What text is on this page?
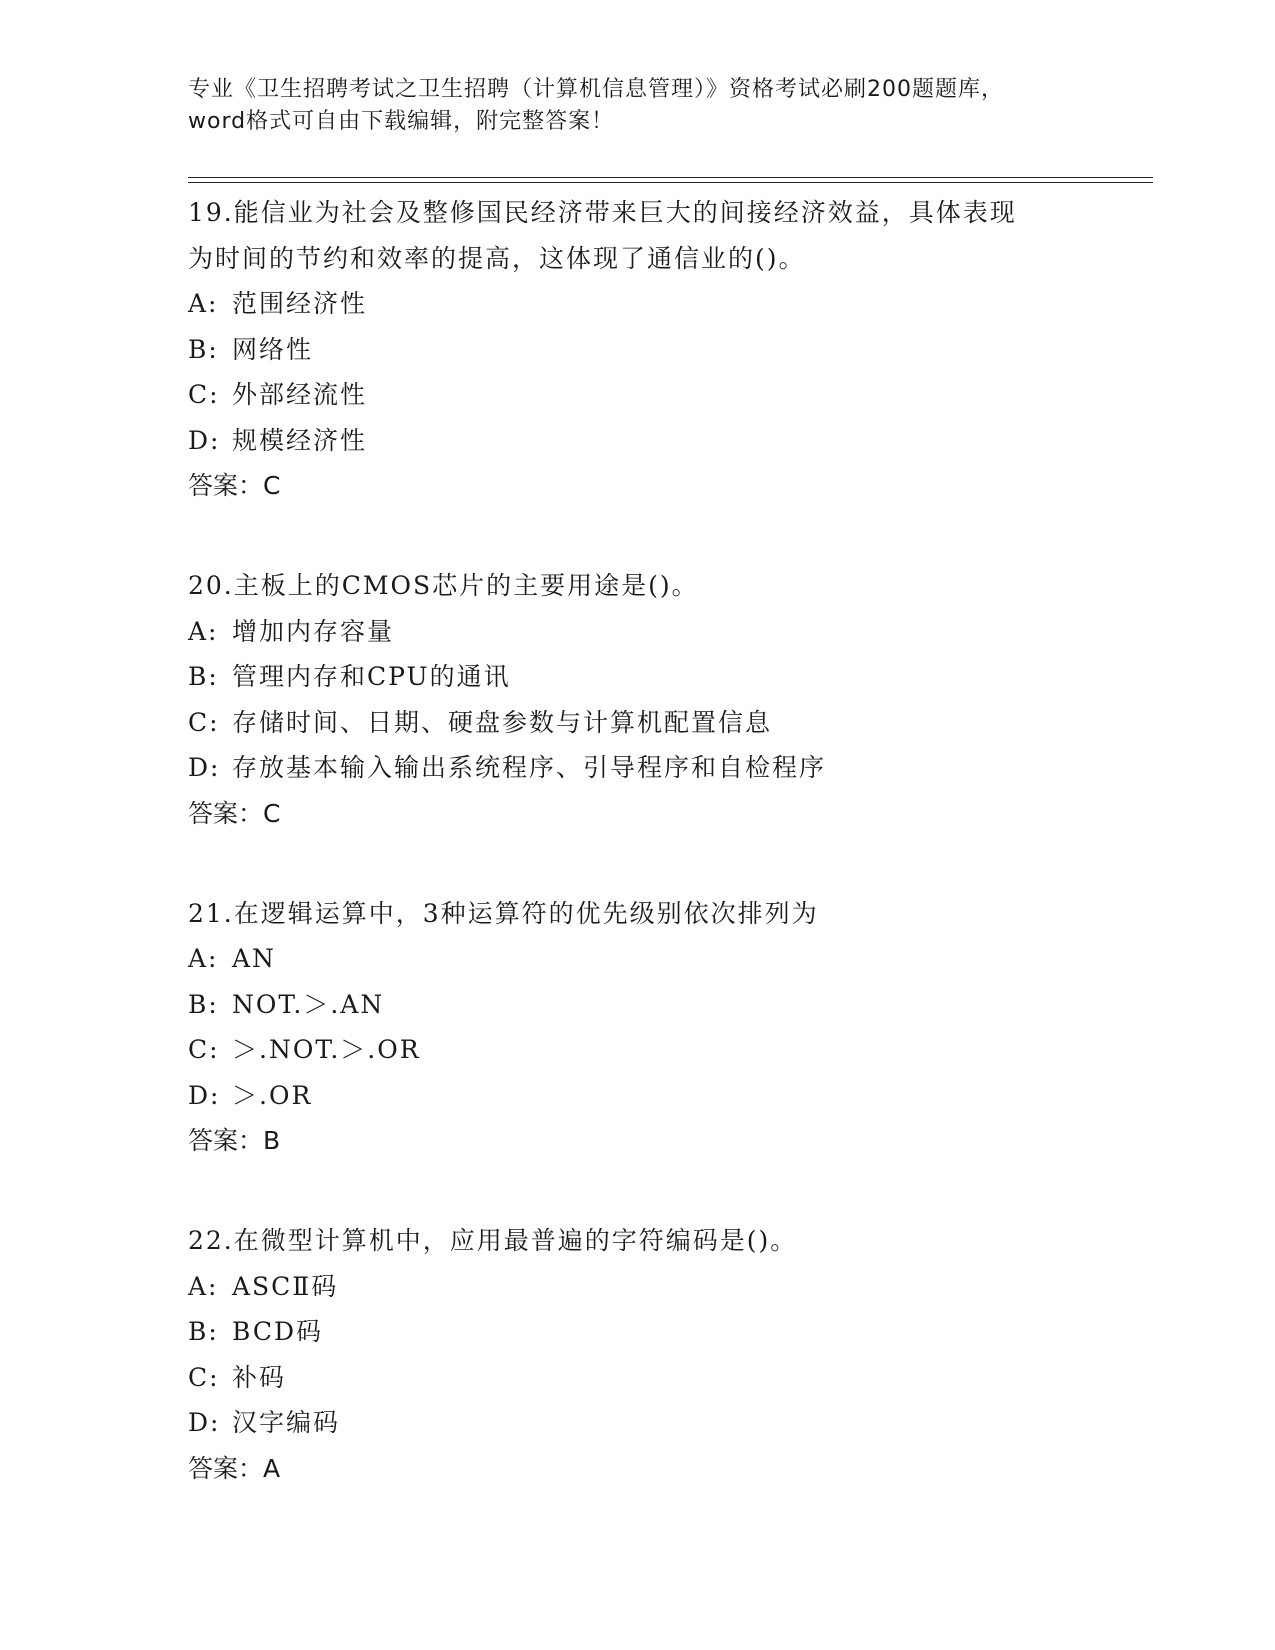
专业《卫生招聘考试之卫生招聘（计算机信息管理）》资格考试必刷200题题库，
word格式可自由下载编辑，附完整答案！
19.能信业为社会及整修国民经济带来巨大的间接经济效益，具体表现
为时间的节约和效率的提高，这体现了通信业的()。
A: 范围经济性
B: 网络性
C: 外部经流性
D: 规模经济性
答案：C
20.主板上的CMOS芯片的主要用途是()。
A: 增加内存容量
B: 管理内存和CPU的通讯
C: 存储时间、日期、硬盘参数与计算机配置信息
D: 存放基本输入输出系统程序、引导程序和自检程序
答案：C
21.在逻辑运算中，3种运算符的优先级别依次排列为
A: AN
B: NOT.＞.AN
C: ＞.NOT.＞.OR
D: ＞.OR
答案：B
22.在微型计算机中，应用最普遍的字符编码是()。
A: ASCⅡ码
B: BCD码
C: 补码
D: 汉字编码
答案：A
